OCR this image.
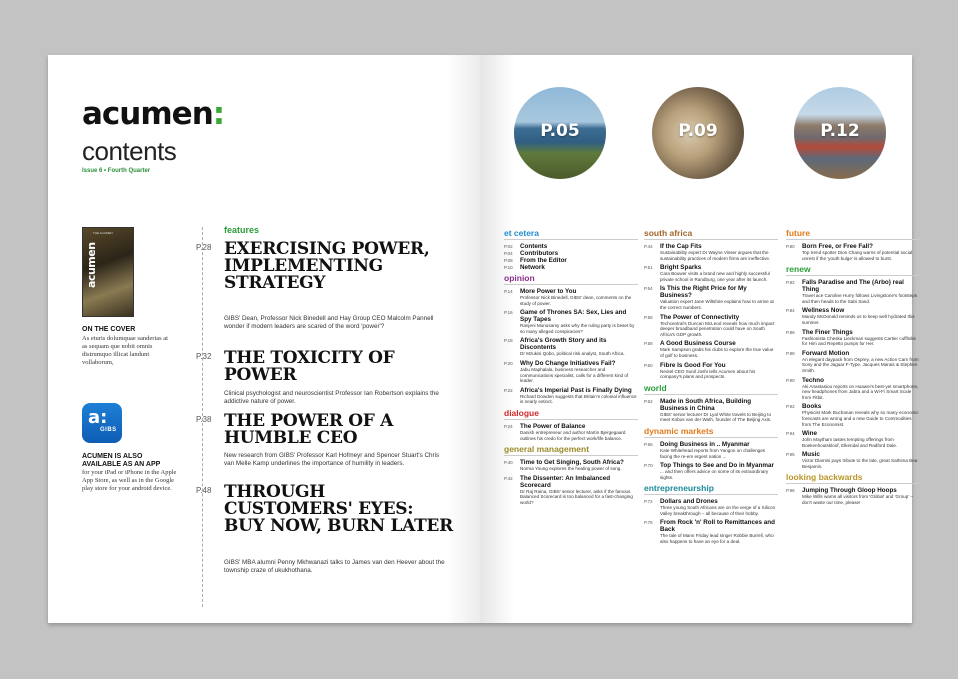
acumen:
contents
Issue 6 • Fourth Quarter
THE ACUMEN
acumen
ON THE COVER
As eturis dolumquae sanderias at as sequam que nobit omnis distrumquo illicat landunt vollaborum,
a:
GIBS
ACUMEN IS ALSO AVAILABLE AS AN APP
for your iPad or iPhone in the Apple App Store, as well as in the Google play store for your android device.
features
P.28 EXERCISING POWER, IMPLEMENTING STRATEGY
GIBS' Dean, Professor Nick Binedell and Hay Group CEO Malcolm Pannell wonder if modern leaders are scared of the word 'power'?
P.32 THE TOXICITY OF POWER
Clinical psychologist and neuroscientist Professor Ian Robertson explains the addictive nature of power.
P.38 THE POWER OF A HUMBLE CEO
New research from GIBS' Professor Karl Hofmeyr and Spencer Stuart's Chris van Melle Kamp underlines the importance of humility in leaders.
P.48 THROUGH CUSTOMERS' EYES: BUY NOW, BURN LATER
GIBS' MBA alumni Penny Mkhwanazi talks to James van den Heever about the township craze of ukukhothana.
P.05	P.09	P.12
et cetera
P.02 Contents
P.04 Contributors
P.08 From the Editor
P.10 Network
opinion
P.14 More Power to You
Professor Nick Binedell, GIBS' dean, comments on the study of power.
P.16 Game of Thrones SA: Sex, Lies and Spy Tapes
Ranjeni Munusamy asks why the ruling party is beset by so many alleged conspiracies?
P.18 Africa's Growth Story and its Discontents
Dr Mzukisi Qobo, political risk analyst, South Africa.
P.20 Why Do Change Initiatives Fail?
Jabu Maphalala, business researcher and communications specialist, calls for a different kind of leader.
P.22 Africa's Imperial Past is Finally Dying
Richard Dowden suggests that Britain's colonial influence is nearly extinct.
dialogue
P.24 The Power of Balance
Danish entrepreneur and author Martin Bjergegaard outlines his credo for the perfect work/life balance.
general management
P.40 Time to Get Singing, South Africa?
Norma Young explores the healing power of song.
P.42 The Dissenter: An Imbalanced Scorecard
Dr Raj Raina, GIBS' senior lecturer, asks if the famous Balanced Scorecard is too balanced for a fast-changing world?
south africa
P.44 If the Cap Fits
Sustainability expert Dr Wayne Visser argues that the sustainability practices of modern firms are ineffective.
P.51 Bright Sparks
Cara Bouwer visits a brand new and highly successful private school in Randburg, one year after its launch.
P.54 Is This the Right Price for My Business?
Valuation expert Jane Wiltshire explains how to arrive at the correct numbers.
P.56 The Power of Connectivity
Techcentral's Duncan McLeod reveals how much impact deeper broadband penetration could have on South Africa's GDP growth.
P.58 A Good Business Course
Mark Sampson grabs his clubs to explore the true value of golf to business.
P.60 Fibre Is Good For You
Neotel CEO Sunil Joshi tells Acumen about his company's plans and prospects.
world
P.62 Made in South Africa, Building Business in China
GIBS' senior lecturer Dr Lyal White travels to Beijing to meet Kobus van der Wath, founder of The Beijing Axis.
dynamic markets
P.66 Doing Business in .. Myanmar
Kate Whitehead reports from Yangon on challenges facing the re-em ergent nation ...
P.70 Top Things to See and Do in Myanmar
... and then offers advice on some of its extraordinary sights.
entrepreneurship
P.72 Dollars and Drones
Three young South Africans are on the verge of a Silicon Valley breakthrough – all because of their hobby.
P.76 From Rock 'n' Roll to Remittances and Back
The tale of Mann Friday lead singer Robbie Burrell, who also happens to have an eye for a deal.
future
P.80 Born Free, or Free Fall?
Top trend spotter Dion Chang warns of potential social unrest if the 'youth bulge' is allowed to burst.
renew
P.82 Falls Paradise and The (Arbo) real Thing
Travel ace Caroline Hurry follows Livingstone's footsteps and then heads to the Sabi Sand.
P.84 Wellness Now
Mandy McDonald reminds us to keep well hydrated this summer.
P.86 The Finer Things
Fashionista Cheska Lieckman suggests Cartier cufflinks for Him and Repetto pumps for Her.
P.88 Forward Motion
An elegant daypack from Osprey, a new Action Cam from Sony and the Jaguar F-Type. Jacques Marais & Stephen Smith.
P.90 Techno
Aki Anastasiou reports on Huawei's best-yet smartphone, new headphones from Jabra and a Wi-Fi Smart Scale from Fitbit.
P.92 Books
Physicist Mark Buchanan reveals why so many economic forecasts are wrong and a new Guide to Commodities from The Economist.
P.94 Wine
John Maytham tastes tempting offerings from Boekenhoutskloof, Elkendal and Radford Dale.
P.95 Music
Victor Dlamini pays tribute to the late, great Sathima Bea Benjamin.
looking backwards
P.96 Jumping Through Gloop Hoops
Mike Wills warns all visitors from 'Global' and 'Group' – don't waste our time, please!
